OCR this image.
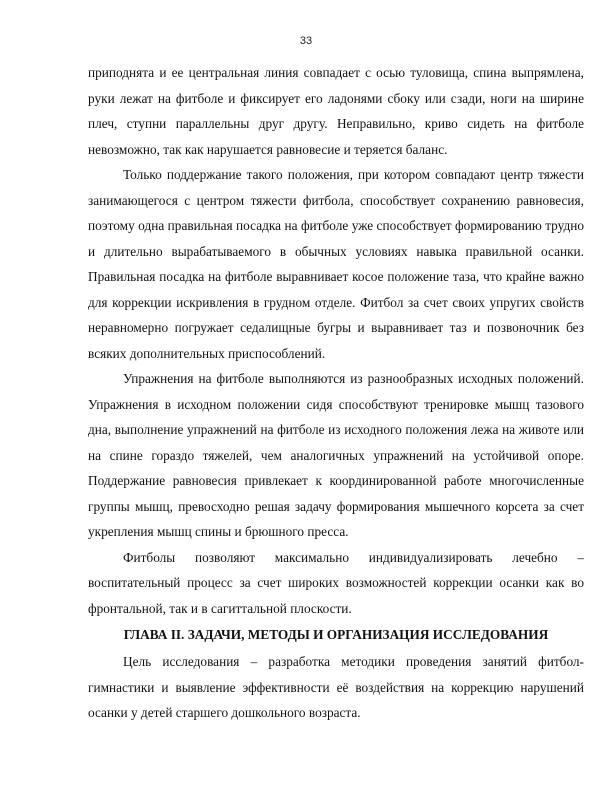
33

приподнята и ее центральная линия совпадает с осью туловища, спина выпрямлена, руки лежат на фитболе и фиксирует его ладонями сбоку или сзади, ноги на ширине плеч, ступни параллельны друг другу. Неправильно, криво сидеть на фитболе невозможно, так как нарушается равновесие и теряется баланс.

Только поддержание такого положения, при котором совпадают центр тяжести занимающегося с центром тяжести фитбола, способствует сохранению равновесия, поэтому одна правильная посадка на фитболе уже способствует формированию трудно и длительно вырабатываемого в обычных условиях навыка правильной осанки. Правильная посадка на фитболе выравнивает косое положение таза, что крайне важно для коррекции искривления в грудном отделе. Фитбол за счет своих упругих свойств неравномерно погружает седалищные бугры и выравнивает таз и позвоночник без всяких дополнительных приспособлений.

Упражнения на фитболе выполняются из разнообразных исходных положений. Упражнения в исходном положении сидя способствуют тренировке мышц тазового дна, выполнение упражнений на фитболе из исходного положения лежа на животе или на спине гораздо тяжелей, чем аналогичных упражнений на устойчивой опоре. Поддержание равновесия привлекает к координированной работе многочисленные группы мышц, превосходно решая задачу формирования мышечного корсета за счет укрепления мышц спины и брюшного пресса.

Фитболы позволяют максимально индивидуализировать лечебно – воспитательный процесс за счет широких возможностей коррекции осанки как во фронтальной, так и в сагиттальной плоскости.

ГЛАВА II. ЗАДАЧИ, МЕТОДЫ И ОРГАНИЗАЦИЯ ИССЛЕДОВАНИЯ

Цель исследования – разработка методики проведения занятий фитбол-гимнастики и выявление эффективности её воздействия на коррекцию нарушений осанки у детей старшего дошкольного возраста.
